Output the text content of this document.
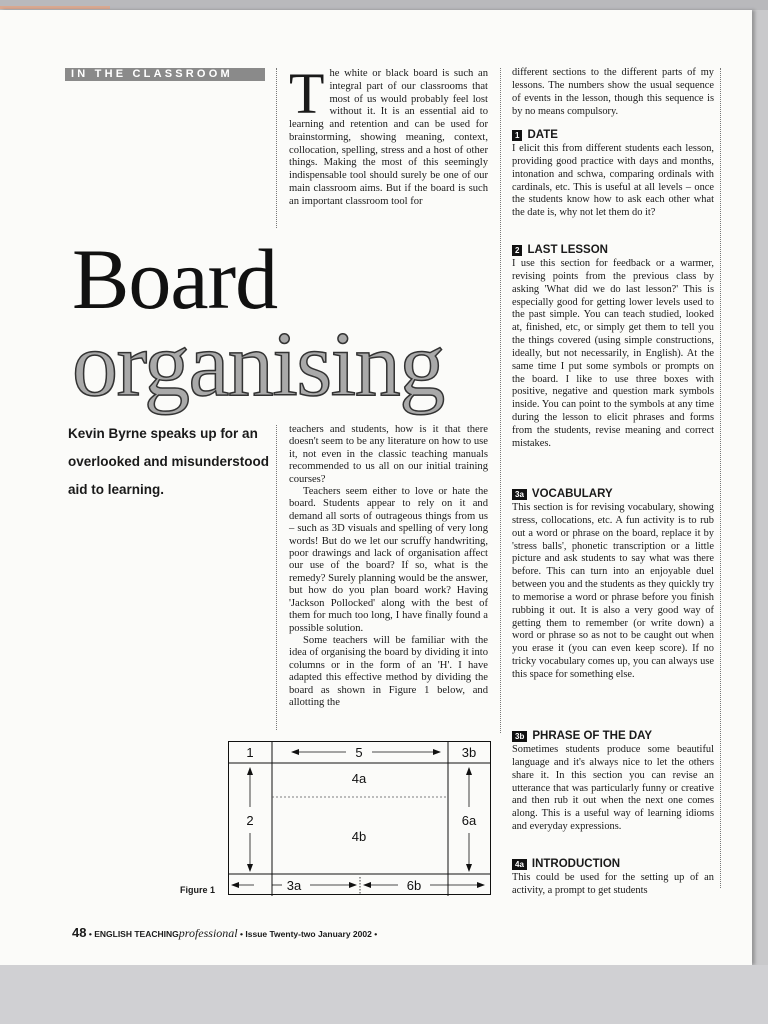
IN THE CLASSROOM The white or black board is such an integral part of our classrooms that most of us would probably feel lost without it. It is an essential aid to learning and retention and can be used for brainstorming, showing meaning, context, collocation, spelling, stress and a host of other things. Making the most of this seemingly indispensable tool should surely be one of our main classroom aims. But if the board is such an important classroom tool for
Board
organising
Kevin Byrne speaks up for an overlooked and misunderstood aid to learning.

teachers and students, how is it that there doesn't seem to be any literature on how to use it, not even in the classic teaching manuals recommended to us all on our initial training courses?

Teachers seem either to love or hate the board. Students appear to rely on it and demand all sorts of outrageous things from us – such as 3D visuals and spelling of very long words! But do we let our scruffy handwriting, poor drawings and lack of organisation affect our use of the board? If so, what is the remedy? Surely planning would be the answer, but how do you plan board work? Having 'Jackson Pollocked' along with the best of them for much too long, I have finally found a possible solution.

Some teachers will be familiar with the idea of organising the board by dividing it into columns or in the form of an 'H'. I have adapted this effective method by dividing the board as shown in Figure 1 below, and allotting the

different sections to the different parts of my lessons. The numbers show the usual sequence of events in the lesson, though this sequence is by no means compulsory.

1 DATE

I elicit this from different students each lesson, providing good practice with days and months, intonation and schwa, comparing ordinals with cardinals, etc. This is useful at all levels – once the students know how to ask each other what the date is, why not let them do it?

2 LAST LESSON

I use this section for feedback or a warmer, revising points from the previous class by asking 'What did we do last lesson?' This is especially good for getting lower levels used to the past simple. You can teach studied, looked at, finished, etc, or simply get them to tell you the things covered (using simple constructions, ideally, but not necessarily, in English). At the same time I put some symbols or prompts on the board. I like to use three boxes with positive, negative and question mark symbols inside. You can point to the symbols at any time during the lesson to elicit phrases and forms from the students, revise meaning and correct mistakes.

3a VOCABULARY

This section is for revising vocabulary, showing stress, collocations, etc. A fun activity is to rub out a word or phrase on the board, replace it by 'stress balls', phonetic transcription or a little picture and ask students to say what was there before. This can turn into an enjoyable duel between you and the students as they quickly try to memorise a word or phrase before you finish rubbing it out. It is also a very good way of getting them to remember (or write down) a word or phrase so as not to be caught out when you erase it (you can even keep score). If no tricky vocabulary comes up, you can always use this space for something else.

3b PHRASE OF THE DAY

Sometimes students produce some beautiful language and it's always nice to let the others share it. In this section you can revise an utterance that was particularly funny or creative and then rub it out when the next one comes along. This is a useful way of learning idioms and everyday expressions.

4a INTRODUCTION

This could be used for the setting up of an activity, a prompt to get students

1	5	3b
4a
4b
2	6a
3a	6b
Figure 1
48 • ENGLISH TEACHINGprofessional • Issue Twenty-two January 2002 •
